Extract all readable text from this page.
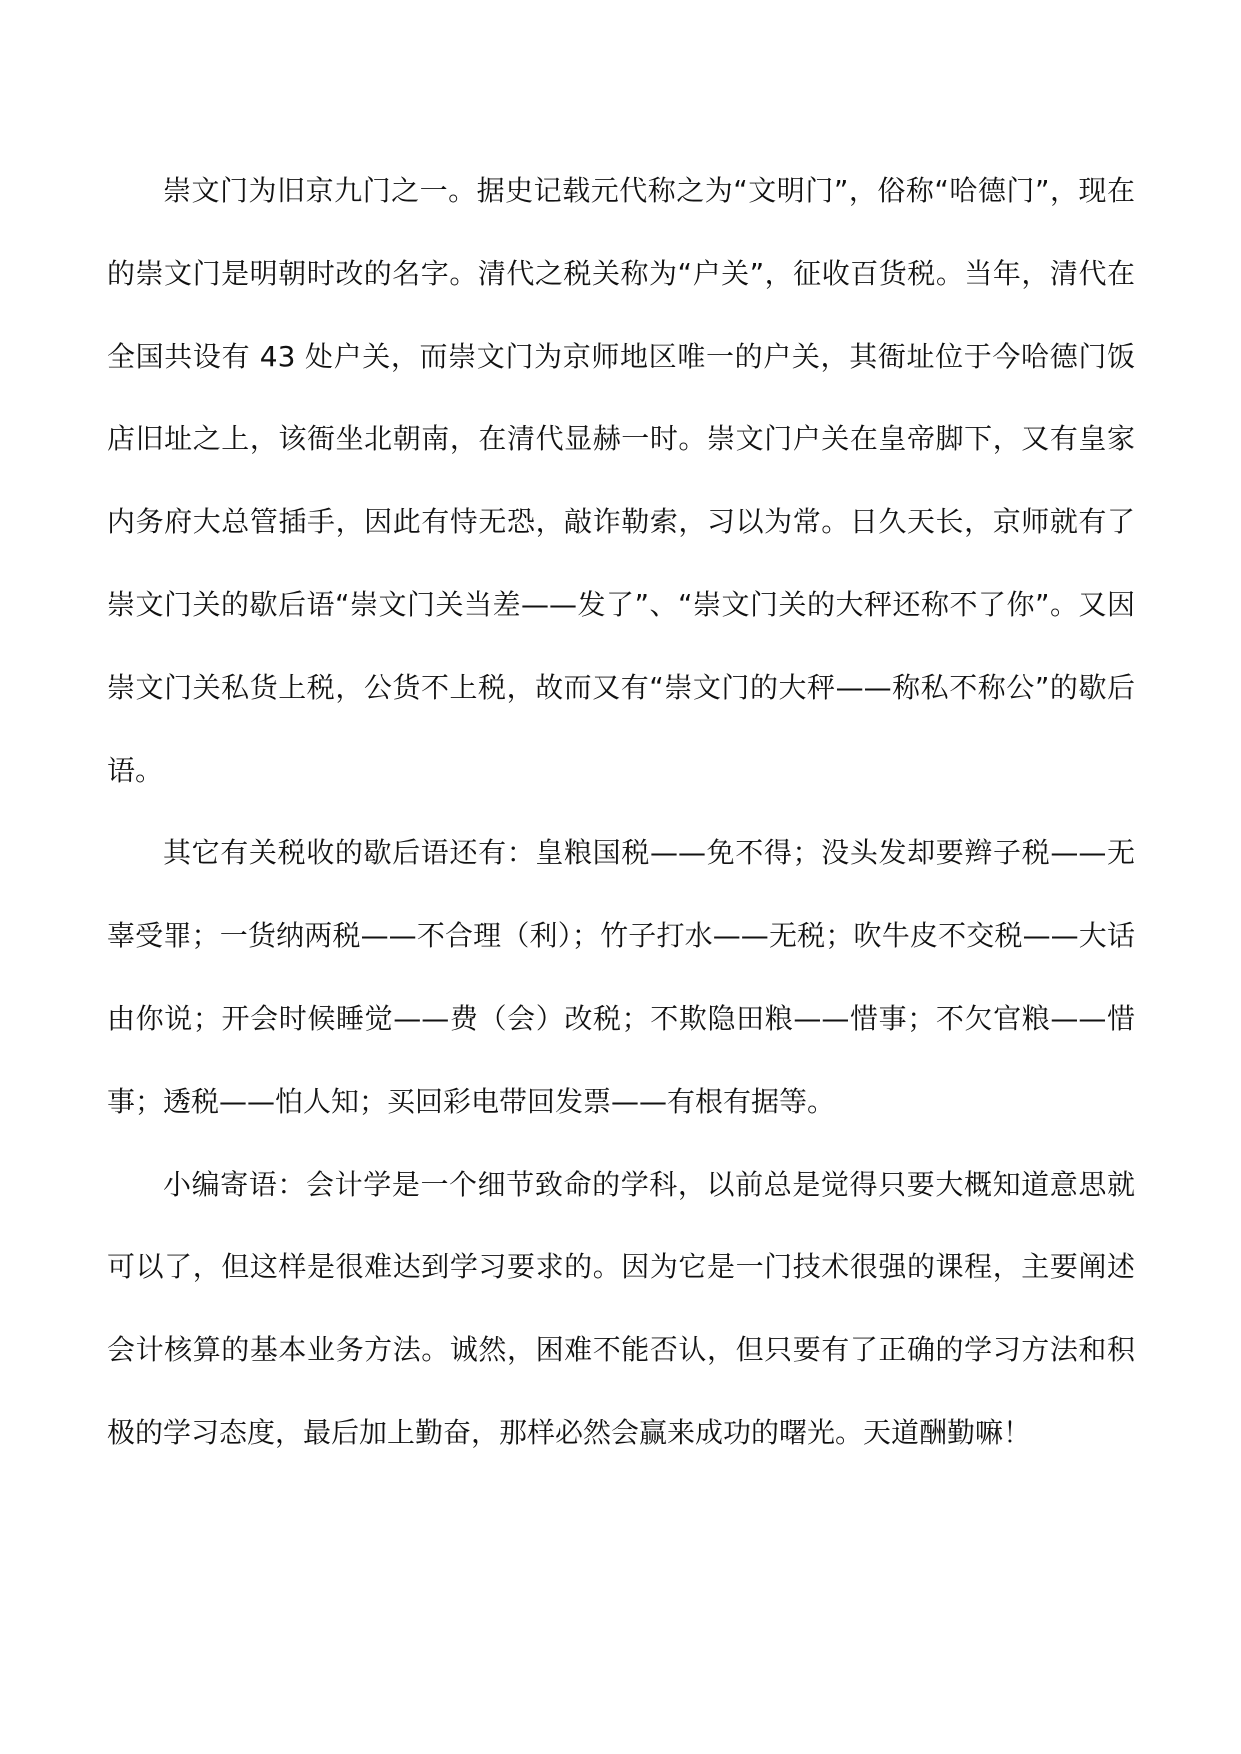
崇文门为旧京九门之一。据史记载元代称之为“文明门”，俗称“哈德门”，现在的崇文门是明朝时改的名字。清代之税关称为“户关”，征收百货税。当年，清代在全国共设有 43 处户关，而崇文门为京师地区唯一的户关，其衙址位于今哈德门饭店旧址之上，该衙坐北朝南，在清代显赫一时。崇文门户关在皇帝脚下，又有皇家内务府大总管插手，因此有恃无恐，敲诈勒索，习以为常。日久天长，京师就有了崇文门关的歇后语“崇文门关当差——发了”、“崇文门关的大秤还称不了你”。又因崇文门关私货上税，公货不上税，故而又有“崇文门的大秤——称私不称公”的歇后语。

其它有关税收的歇后语还有：皇粮国税——免不得；没头发却要辫子税——无辜受罪；一货纳两税——不合理（利）；竹子打水——无税；吹牛皮不交税——大话由你说；开会时候睡觉——费（会）改税；不欺隐田粮——惜事；不欠官粮——惜事；透税——怕人知；买回彩电带回发票——有根有据等。

小编寄语：会计学是一个细节致命的学科，以前总是觉得只要大概知道意思就可以了，但这样是很难达到学习要求的。因为它是一门技术很强的课程，主要阐述会计核算的基本业务方法。诚然，困难不能否认，但只要有了正确的学习方法和积极的学习态度，最后加上勤奋，那样必然会赢来成功的曙光。天道酬勤嘛！
